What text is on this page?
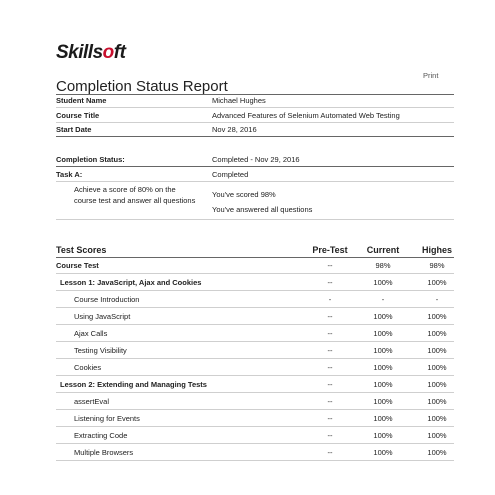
Skillsoft
Print
Completion Status Report
Student Name	Michael Hughes
Course Title	Advanced Features of Selenium Automated Web Testing
Start Date	Nov 28, 2016
Completion Status:	Completed - Nov 29, 2016
Task A:	Completed
Achieve a score of 80% on the course test and answer all questions
You've scored 98%
You've answered all questions
Test Scores	Pre-Test	Current	Highes
Course Test	--	98%	98%
Lesson 1: JavaScript, Ajax and Cookies	--	100%	100%
Course Introduction	-	-	-
Using JavaScript	--	100%	100%
Ajax Calls	--	100%	100%
Testing Visibility	--	100%	100%
Cookies	--	100%	100%
Lesson 2: Extending and Managing Tests	--	100%	100%
assertEval	--	100%	100%
Listening for Events	--	100%	100%
Extracting Code	--	100%	100%
Multiple Browsers	--	100%	100%
